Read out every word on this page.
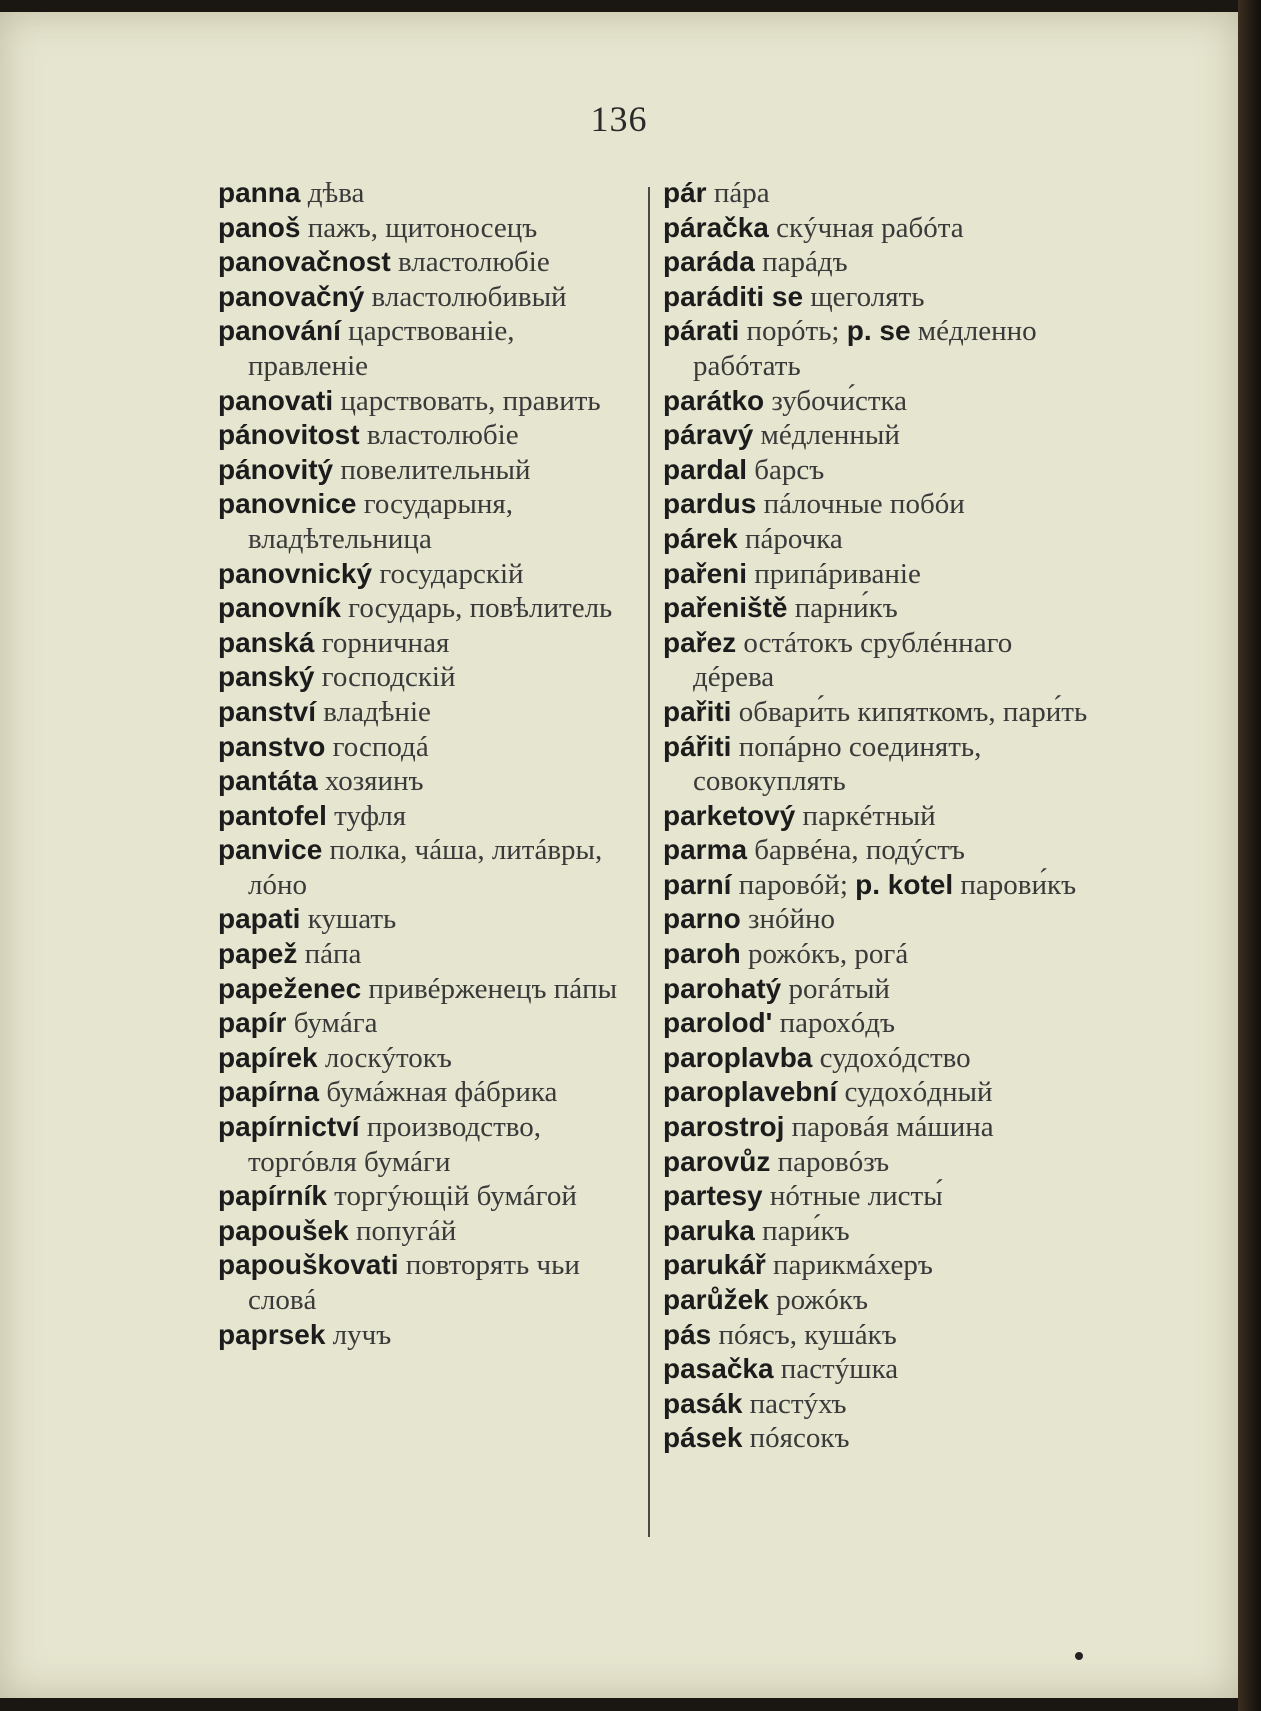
136
panna дѣва
panoš пажъ, щитоносецъ
panovačnost властолюбіе
panovačný властолюбивый
panování царствованіе, правленіе
panovati царствовать, править
pánovitost властолюбіе
pánovitý повелительный
panovnice государыня, владѣтельница
panovnický государскій
panovník государь, повѣлитель
panská горничная
panský господскій
panství владѣніе
panstvo господá
pantáta хозяинъ
pantofel туфля
panvice полка, чáша, литáвры, лóно
papati кушать
papež пáпа
papeženec привéрженецъ пáпы
papír бумáга
papírek лоскýтокъ
papírna бумáжная фáбрика
papírnictví производство, торгóвля бумáги
papírník торгýющій бумáгой
papoušek попугáй
papouškovati повторять чьи словá
paprsek лучъ
pár пáра
páračka скýчная рабóта
paráda парáдъ
paráditi se щеголять
párati порóть; p. se мéдленно рабóтать
parátko зубочи́стка
páravý мéдленный
pardal барсъ
pardus пáлочные побóи
párek пáрочка
pařeni припáриваніе
pařeniště парни́къ
pařez остáтокъ срублéннаго дéрева
pařiti обвари́ть кипяткомъ, пари́ть
pářiti попáрно соединять, совокуплять
parketový паркéтный
parma барвéна, подýстъ
parní паровóй; p. kotel парови́къ
parno знóйно
paroh рожóкъ, рогá
parohatý рогáтый
parolod' парохóдъ
paroplavba судохóдство
paroplavební судохóдный
parostroj паровáя мáшина
parovůz паровóзъ
partesy нóтные листы́
paruka пари́къ
parukář парикмáхеръ
parůžek рожóкъ
pás пóясъ, кушáкъ
pasačka пастýшка
pasák пастýхъ
pásek пóясокъ
